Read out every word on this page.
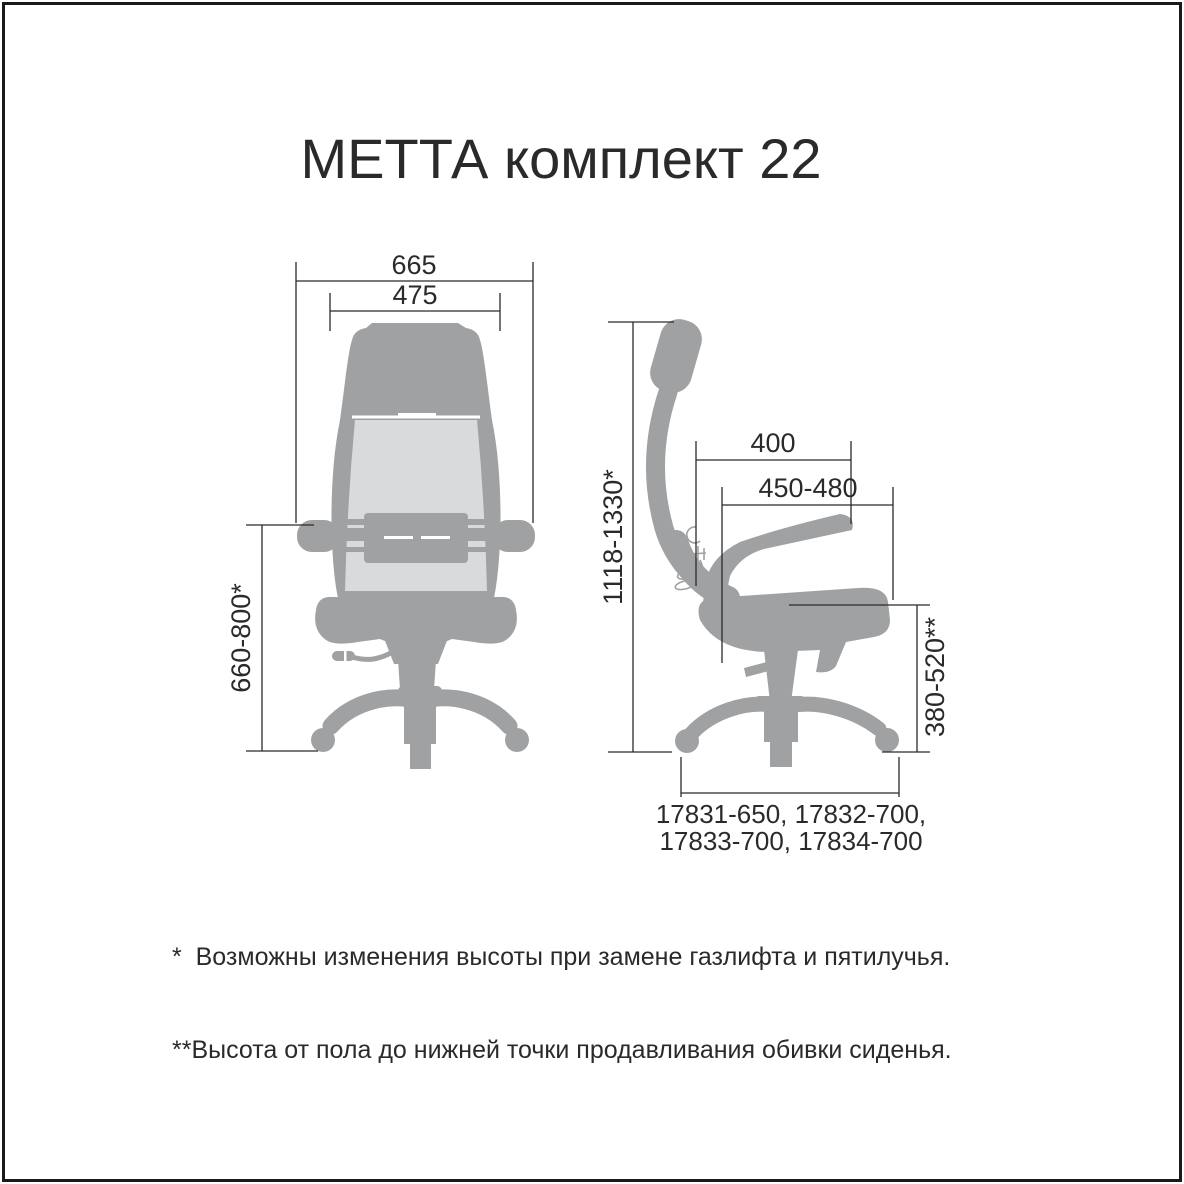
МЕТТА комплект 22
665
475
660-800*
1118-1330*
400
450-480
380-520**
17831-650, 17832-700,
17833-700, 17834-700

*  Возможны изменения высоты при замене газлифта и пятилучья.

**Высота от пола до нижней точки продавливания обивки сиденья.
